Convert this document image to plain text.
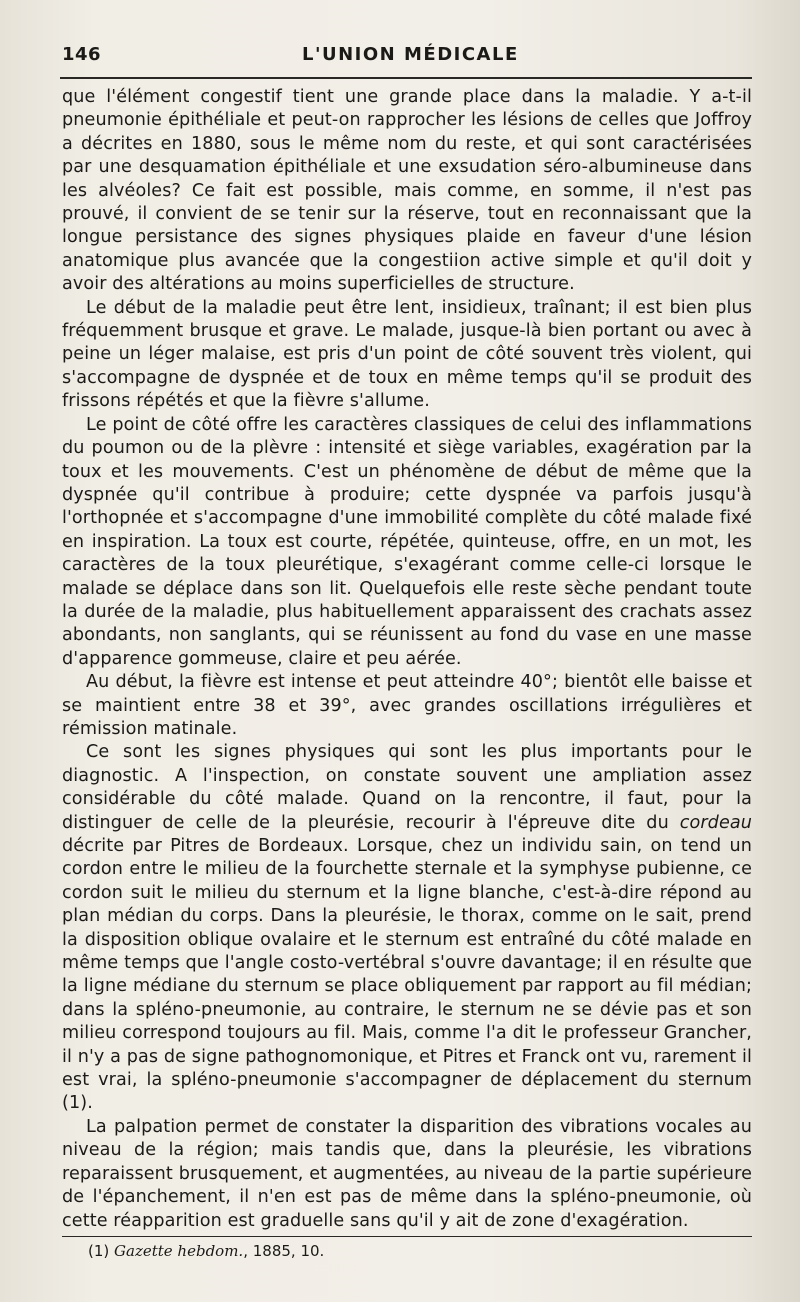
146	L'UNION MÉDICALE

que l'élément congestif tient une grande place dans la maladie. Y a-t-il pneumonie épithéliale et peut-on rapprocher les lésions de celles que Joffroy a décrites en 1880, sous le même nom du reste, et qui sont caractérisées par une desquamation épithéliale et une exsudation séro-albumineuse dans les alvéoles? Ce fait est possible, mais comme, en somme, il n'est pas prouvé, il convient de se tenir sur la réserve, tout en reconnaissant que la longue persistance des signes physiques plaide en faveur d'une lésion anatomique plus avancée que la congestiion active simple et qu'il doit y avoir des altérations au moins superficielles de structure.

Le début de la maladie peut être lent, insidieux, traînant; il est bien plus fréquemment brusque et grave. Le malade, jusque-là bien portant ou avec à peine un léger malaise, est pris d'un point de côté souvent très violent, qui s'accompagne de dyspnée et de toux en même temps qu'il se produit des frissons répétés et que la fièvre s'allume.

Le point de côté offre les caractères classiques de celui des inflammations du poumon ou de la plèvre : intensité et siège variables, exagération par la toux et les mouvements. C'est un phénomène de début de même que la dyspnée qu'il contribue à produire; cette dyspnée va parfois jusqu'à l'orthopnée et s'accompagne d'une immobilité complète du côté malade fixé en inspiration. La toux est courte, répétée, quinteuse, offre, en un mot, les caractères de la toux pleurétique, s'exagérant comme celle-ci lorsque le malade se déplace dans son lit. Quelquefois elle reste sèche pendant toute la durée de la maladie, plus habituellement apparaissent des crachats assez abondants, non sanglants, qui se réunissent au fond du vase en une masse d'apparence gommeuse, claire et peu aérée.

Au début, la fièvre est intense et peut atteindre 40°; bientôt elle baisse et se maintient entre 38 et 39°, avec grandes oscillations irrégulières et rémission matinale.

Ce sont les signes physiques qui sont les plus importants pour le diagnostic. A l'inspection, on constate souvent une ampliation assez considérable du côté malade. Quand on la rencontre, il faut, pour la distinguer de celle de la pleurésie, recourir à l'épreuve dite du cordeau décrite par Pitres de Bordeaux. Lorsque, chez un individu sain, on tend un cordon entre le milieu de la fourchette sternale et la symphyse pubienne, ce cordon suit le milieu du sternum et la ligne blanche, c'est-à-dire répond au plan médian du corps. Dans la pleurésie, le thorax, comme on le sait, prend la disposition oblique ovalaire et le sternum est entraîné du côté malade en même temps que l'angle costo-vertébral s'ouvre davantage; il en résulte que la ligne médiane du sternum se place obliquement par rapport au fil médian; dans la spléno-pneumonie, au contraire, le sternum ne se dévie pas et son milieu correspond toujours au fil. Mais, comme l'a dit le professeur Grancher, il n'y a pas de signe pathognomonique, et Pitres et Franck ont vu, rarement il est vrai, la spléno-pneumonie s'accompagner de déplacement du sternum (1).

La palpation permet de constater la disparition des vibrations vocales au niveau de la région; mais tandis que, dans la pleurésie, les vibrations reparaissent brusquement, et augmentées, au niveau de la partie supérieure de l'épanchement, il n'en est pas de même dans la spléno-pneumonie, où cette réapparition est graduelle sans qu'il y ait de zone d'exagération.

(1) Gazette hebdom., 1885, 10.
